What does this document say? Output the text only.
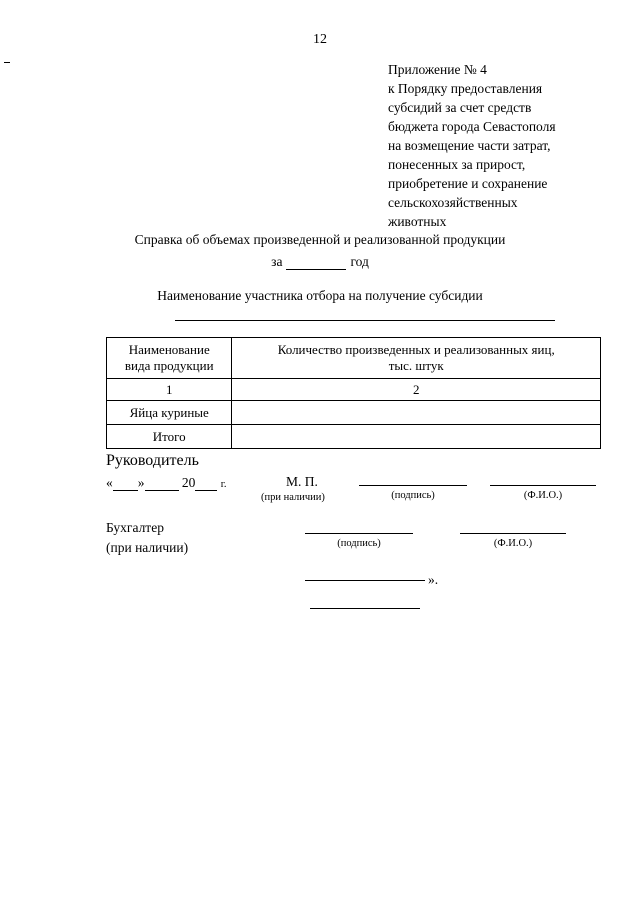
12
Приложение № 4
к Порядку предоставления
субсидий за счет средств
бюджета города Севастополя
на возмещение части затрат,
понесенных за прирост,
приобретение и сохранение
сельскохозяйственных
животных
Справка об объемах произведенной и реализованной продукции
за	год
Наименование участника отбора на получение субсидии
Наименование
вида продукции	Количество произведенных и реализованных яиц,
тыс. штук
1	2
Яйца куриные	
Итого	
Руководитель
« »	20 г.	М. П.
(при наличии)	(подпись)	(Ф.И.О.)
Бухгалтер
(при наличии)	(подпись)	(Ф.И.О.)
».
